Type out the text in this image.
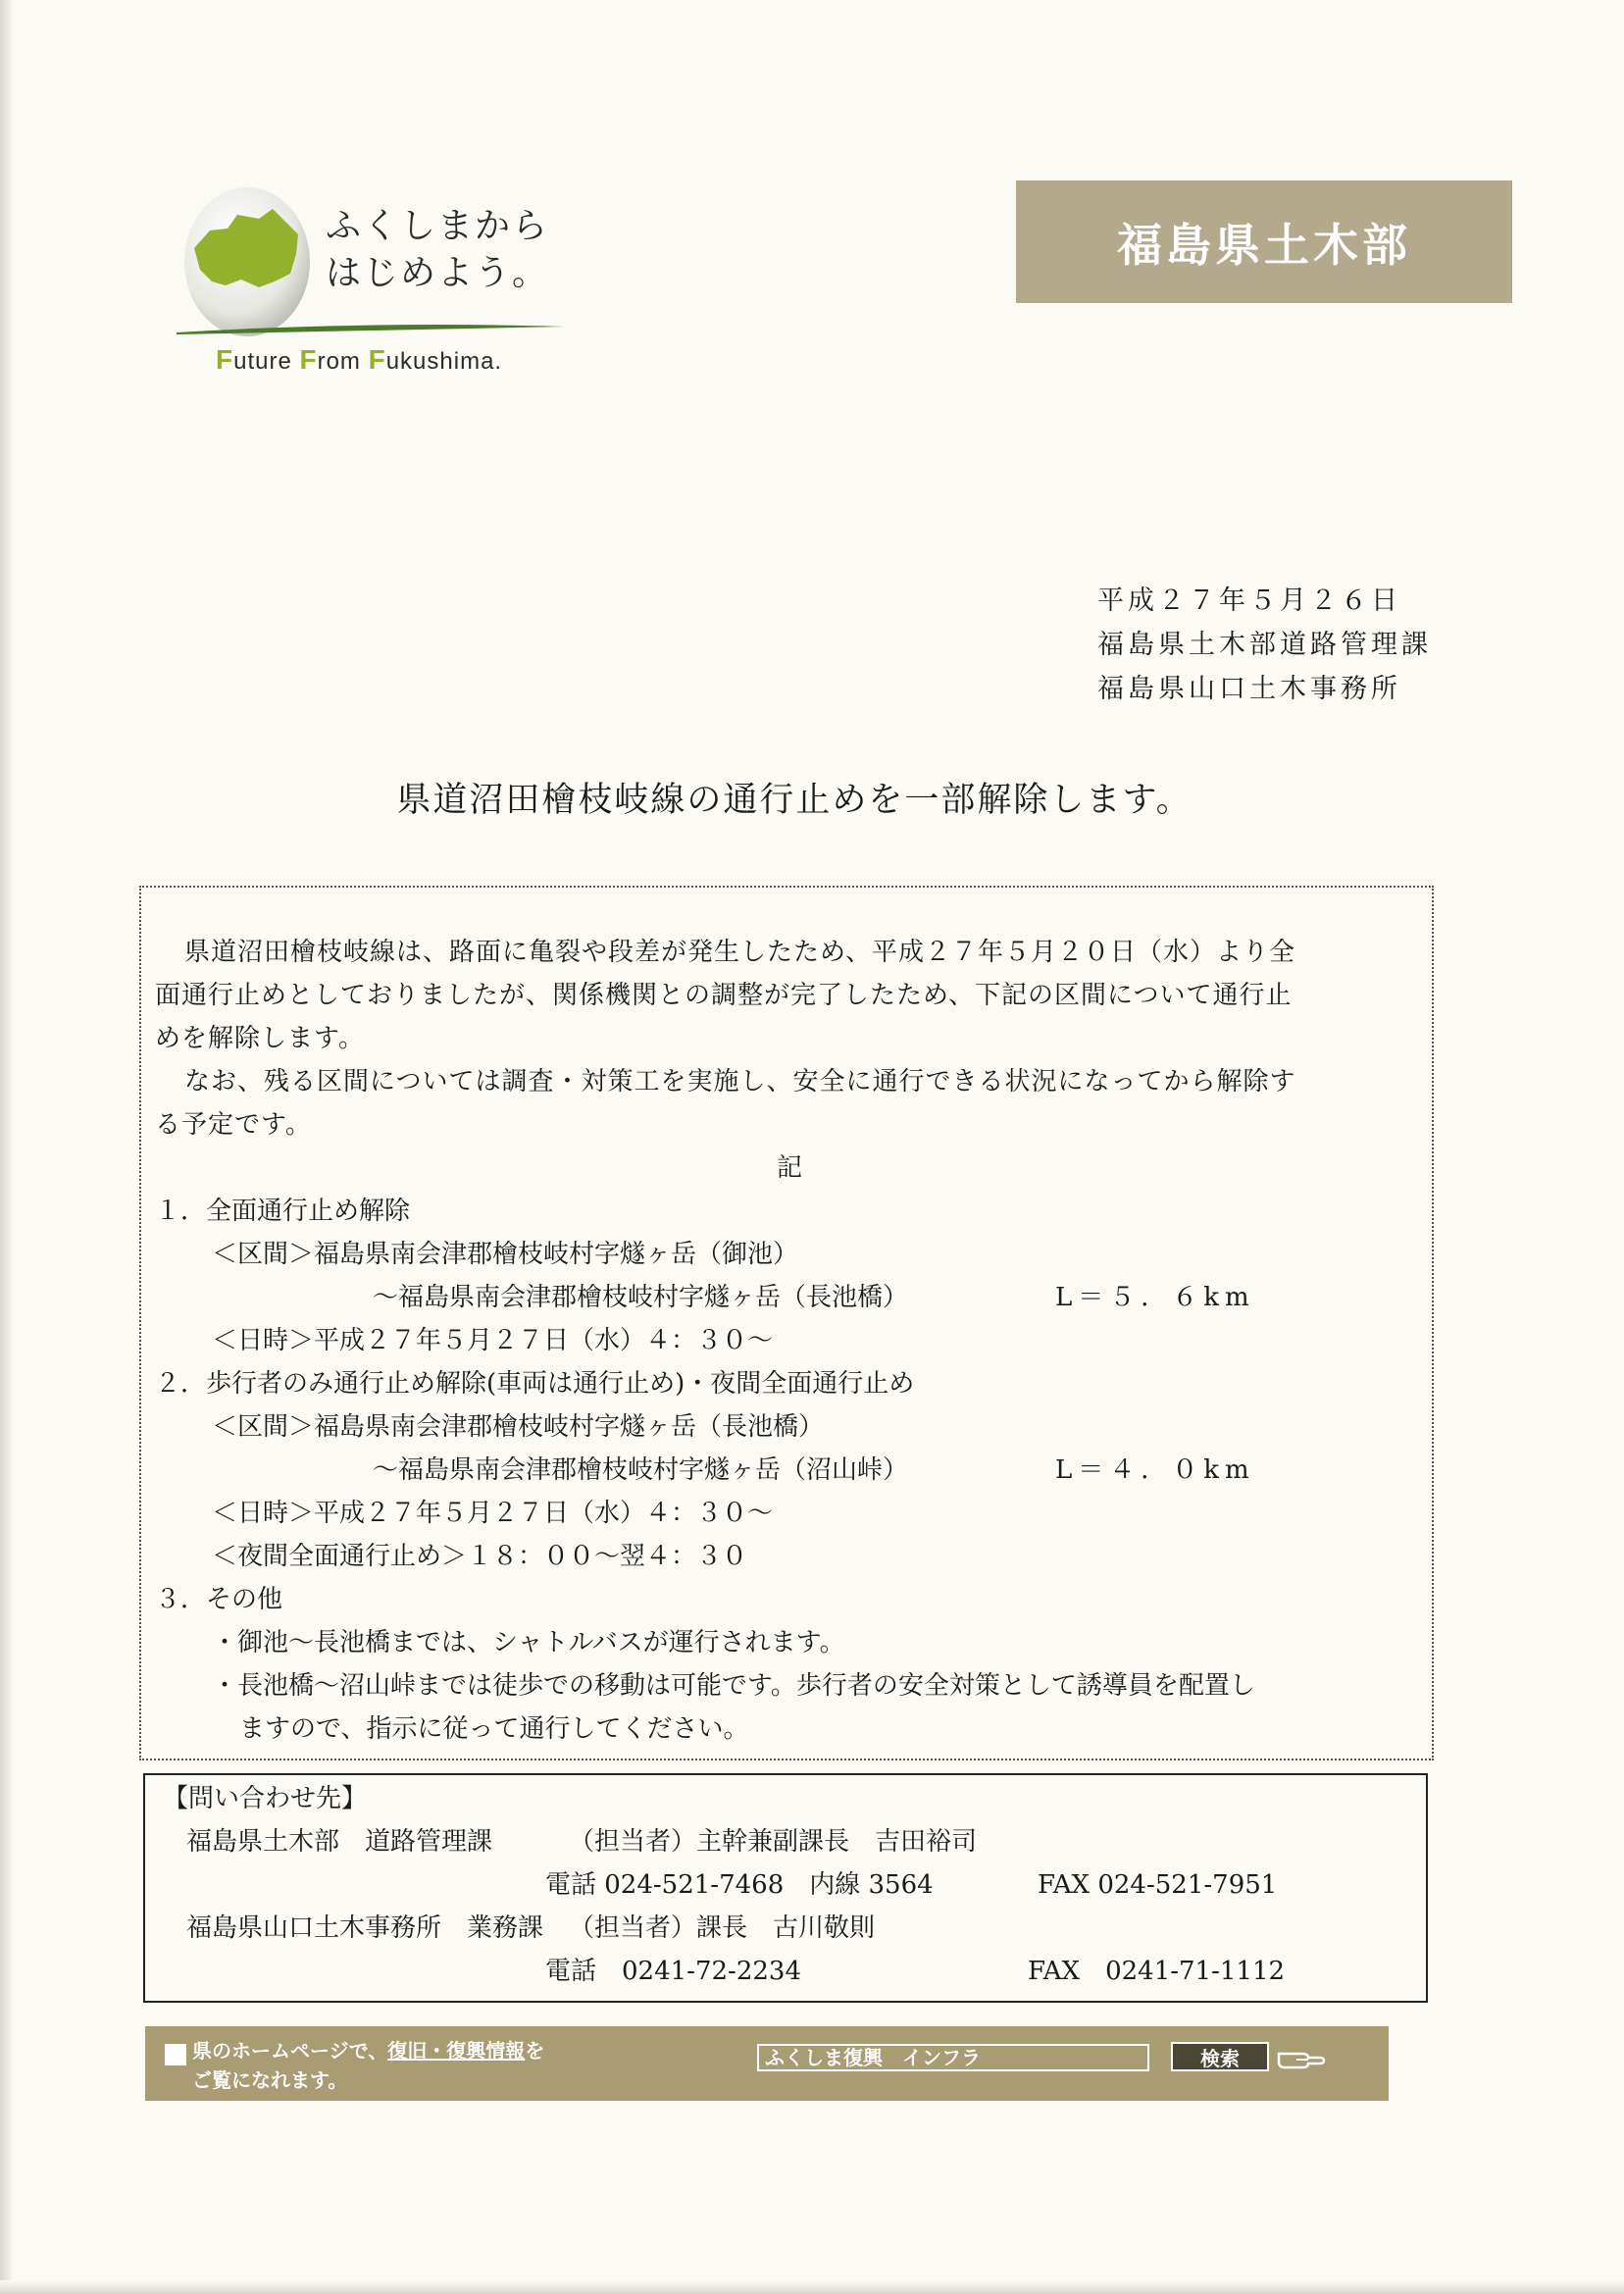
ふくしまから
はじめよう。
Future From Fukushima.
福島県土木部
平成２７年５月２６日
福島県土木部道路管理課
福島県山口土木事務所
県道沼田檜枝岐線の通行止めを一部解除します。
県道沼田檜枝岐線は、路面に亀裂や段差が発生したため、平成２７年５月２０日（水）より全
面通行止めとしておりましたが、関係機関との調整が完了したため、下記の区間について通行止
めを解除します。
なお、残る区間については調査・対策工を実施し、安全に通行できる状況になってから解除す
る予定です。
記
１．全面通行止め解除
＜区間＞福島県南会津郡檜枝岐村字燧ヶ岳（御池）
～福島県南会津郡檜枝岐村字燧ヶ岳（長池橋）	L＝５．６km
＜日時＞平成２７年５月２７日（水）４：３０～
２．歩行者のみ通行止め解除(車両は通行止め)・夜間全面通行止め
＜区間＞福島県南会津郡檜枝岐村字燧ヶ岳（長池橋）
～福島県南会津郡檜枝岐村字燧ヶ岳（沼山峠）	L＝４．０km
＜日時＞平成２７年５月２７日（水）４：３０～
＜夜間全面通行止め＞１８：００～翌４：３０
３．その他
・御池～長池橋までは、シャトルバスが運行されます。
・長池橋～沼山峠までは徒歩での移動は可能です。歩行者の安全対策として誘導員を配置し
ますので、指示に従って通行してください。
【問い合わせ先】
福島県土木部　道路管理課	（担当者）主幹兼副課長　吉田裕司
電話 024-521-7468　内線 3564	FAX 024-521-7951
福島県山口土木事務所　業務課 （担当者）課長　古川敬則
電話　0241-72-2234	FAX　0241-71-1112
県のホームページで、復旧・復興情報を
ご覧になれます。
ふくしま復興　インフラ	検索
